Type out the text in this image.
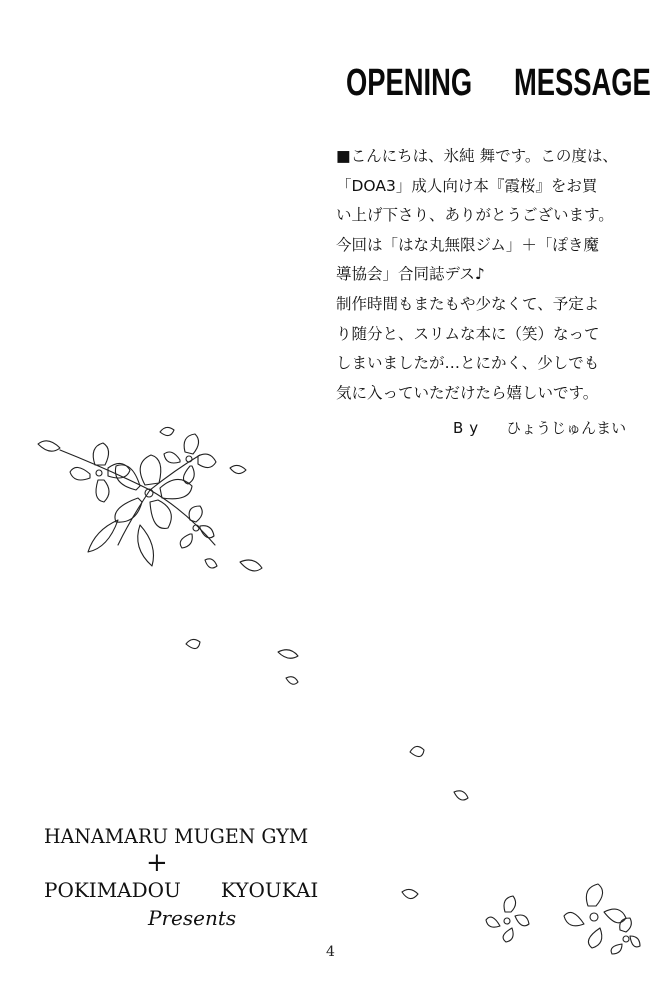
OPENING MESSAGE
■こんにちは、氷純 舞です。この度は、
「DOA3」成人向け本『霞桜』をお買
い上げ下さり、ありがとうございます。
今回は「はな丸無限ジム」＋「ぽき魔
導協会」合同誌デス♪
制作時間もまたもや少なくて、予定よ
り随分と、スリムな本に（笑）なって
しまいましたが…とにかく、少しでも
気に入っていただけたら嬉しいです。
By ひょうじゅんまい
HANAMARU MUGEN GYM
+
POKIMADOU KYOUKAI
Presents
4
